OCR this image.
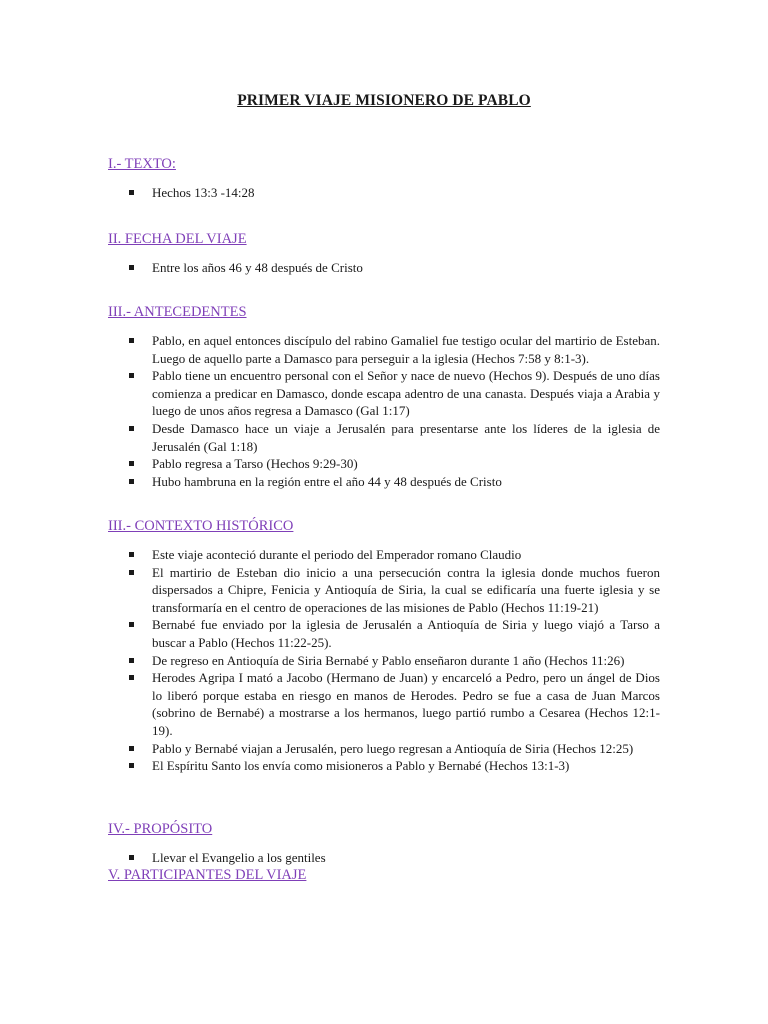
PRIMER VIAJE MISIONERO DE PABLO
I.- TEXTO:
Hechos 13:3 -14:28
II. FECHA DEL VIAJE
Entre los años 46 y 48 después de Cristo
III.- ANTECEDENTES
Pablo, en aquel entonces discípulo del rabino Gamaliel fue testigo ocular del martirio de Esteban. Luego de aquello parte a Damasco para perseguir a la iglesia (Hechos 7:58 y 8:1-3).
Pablo tiene un encuentro personal con el Señor y nace de nuevo (Hechos 9). Después de uno días comienza a predicar en Damasco, donde escapa adentro de una canasta. Después viaja a Arabia y luego de unos años regresa a Damasco (Gal 1:17)
Desde Damasco hace un viaje a Jerusalén para presentarse ante los líderes de la iglesia de Jerusalén (Gal 1:18)
Pablo regresa a Tarso (Hechos 9:29-30)
Hubo hambruna en la región entre el año 44 y 48 después de Cristo
III.- CONTEXTO HISTÓRICO
Este viaje aconteció durante el periodo del Emperador romano Claudio
El martirio de Esteban dio inicio a una persecución contra la iglesia donde muchos fueron dispersados a Chipre, Fenicia y Antioquía de Siria, la cual se edificaría una fuerte iglesia y se transformaría en el centro de operaciones de las misiones de Pablo (Hechos 11:19-21)
Bernabé fue enviado por la iglesia de Jerusalén a Antioquía de Siria y luego viajó a Tarso a buscar a Pablo (Hechos 11:22-25).
De regreso en Antioquía de Siria Bernabé y Pablo enseñaron durante 1 año (Hechos 11:26)
Herodes Agripa I mató a Jacobo (Hermano de Juan) y encarceló a Pedro, pero un ángel de Dios lo liberó porque estaba en riesgo en manos de Herodes. Pedro se fue a casa de Juan Marcos (sobrino de Bernabé) a mostrarse a los hermanos, luego partió rumbo a Cesarea (Hechos 12:1-19).
Pablo y Bernabé viajan a Jerusalén, pero luego regresan a Antioquía de Siria (Hechos 12:25)
El Espíritu Santo los envía como misioneros a Pablo y Bernabé (Hechos 13:1-3)
IV.- PROPÓSITO
Llevar el Evangelio a los gentiles
V. PARTICIPANTES DEL VIAJE
